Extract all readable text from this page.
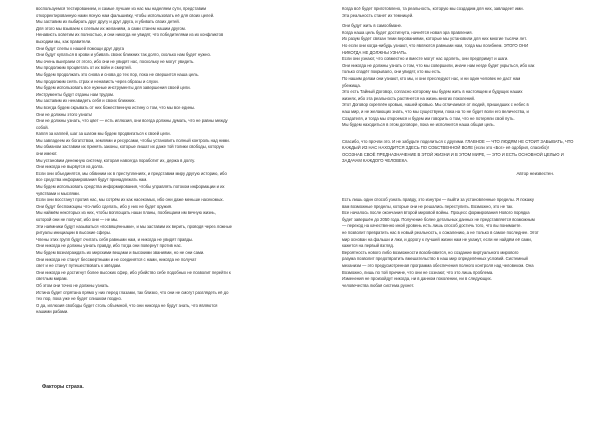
воспользуемся тестированием, и самые лучшие из нас мы наделяем сути, представим
откорректированную нами ясную нам фальшивку, чтобы использовать её для своих целей.
Мы заставим их выбирать друг другу и друг друга, и убивать своих детей.
Для этого мы взываем к слепым их желаниям, а сами станем нашим другом.
Ненависть осветим их полностью, и они никогда не увидят, что победителями из их конфликтов
выходим мы, как правители.
Они будут слепы к нашей помощи друг друга
Они будут купаться в крови и убивать своих ближних так долго, сколько нам будет нужно.
Мы очень выиграем от этого, ибо они не увидят нас, поскольку не могут увидеть.
Мы продолжим процветать от их войн и смертей.
Мы будем продолжать это снова и снова до тех пор, пока не свершится наша цель.
Мы продолжим сеять страх и ненависть через образы и слухи.
Мы будем использовать все нужные инструменты для завершения своей цели.
Инструменты будут отданы нам трудом.
Мы заставим их ненавидеть себя и своих ближних.
Мы всегда будем скрывать от них божественную истину о том, что мы все едины.
Они не должны этого узнать!
Они не должны узнать, что цвет — есть иллюзия, они всегда должны думать, что не равны между
собой.
Капля за каплей, шаг за шагом мы будем продвигаться к своей цели.
Мы завладеем их богатством, землями и ресурсами, чтобы установить полный контроль над ними.
Мы обманом заставим их принять законы, которые лишат их даже той толики свободы, которую
они имеют.
Мы установим денежную систему, которая навсегда поработит их, держа в долгу.
Они никогда не вырвутся из долга.
Если они объединятся, мы обвиним их в преступлениях, и представим миру другую историю, ибо
все средства информирования будут принадлежать нам.
Мы будем использовать средства информирования, чтобы управлять потоком информации и их
чувствами и мыслями.
Если они восстанут против нас, мы сотрём их как насекомых, ибо они даже меньше насекомых.
Они будут беспомощны что-либо сделать, ибо у них не будет оружия.
Мы наймём некоторых из них, чтобы воплощать наши планы, пообещаем им вечную жизнь,
которой они не получат, ибо они — не мы.
Эти наёмники будут называться «посвящёнными», и мы заставим их верить, проводя через ложные
ритуалы инициации в высокие сферы.
Члены этих групп будут считать себя равными нам, и никогда не увидят правды.
Они никогда не должны узнать правду, ибо тогда они повернут против нас.
Мы будем вознаграждать их мирскими вещами и высокими званиями, но не они сами.
Они никогда не станут бессмертными и не соединятся с нами, никогда не получат
свет и не станут путешествовать к звёздам.
Они никогда не достигнут более высоких сфер, ибо убийство себе подобных не позволит перейти к
светлым мирам.
Об этом они точно не должны узнать.
Истина будет спрятана прямо у них перед глазами, так близко, что они не смогут разглядеть её до
тех пор, пока уже не будет слишком поздно.
О да, иллюзия свободы будет столь объемной, что они никогда не будут знать, что являются
нашими рабами.
Когда всё будет приготовлено, та реальность, которую мы создадим для них, завладеет ими.
Эта реальность станет их темницей.
Они будут жить в самообмане.
Когда наша цель будет достигнута, начнётся новая эра правления.
Их разум будет связан теми верованиями, которые мы установили для них многие тысячи лет.
Но если они когда-нибудь узнают, что являются равными нам, тогда мы погибнем. ЭТОГО ОНИ
НИКОГДА НЕ ДОЛЖНЫ УЗНАТЬ.
Если они узнают, что совместно и вместе могут нас одолеть, они предпримут и шаги.
Они никогда не должны узнать о том, что мы совершили, иначе нам негде будет укрыться, ибо как
только спадёт покрывало, они увидят, кто мы есть.
По нашим делам они узнают, кто мы, и они преследуют нас, и ни один человек не даст нам
убежища.
Это есть Тайный Договор, согласно которому мы будем жить в настоящем и будущих наших
жизнях, ибо эта реальность растянется на жизнь многих поколений.
Этот Договор скреплён кровью, нашей кровью. Мы отличаемся от людей, пришедших с небес в
наш мир, и не желающих знать, что мы существуем, пока на то не будет воли его величества, и
Создателя, и тогда мы откроемся и будем им говорить о том, что не потеряли свой путь.
Мы будем находиться в этом договоре, пока не исполнится наша общая цель.
Спасибо, что прочли это. И не забудьте поделиться с другими. ГЛАВНОЕ — ЧТО ЛЮДЯМ НЕ СТОИТ ЗАБЫВАТЬ, ЧТО
КАЖДЫЙ ИЗ НАС НАХОДИТСЯ ЗДЕСЬ ПО СОБСТВЕННОЙ ВОЛЕ (если это «Бог» её одобрил, спасибо)!
ОСОЗНАВ СВОЁ ПРЕДНАЗНАЧЕНИЕ В ЭТОЙ ЖИЗНИ И В ЭТОМ МИРЕ, — ЭТО И ЕСТЬ ОСНОВНОЙ ЦЕЛЬЮ И
ЗАДАЧАМ КАЖДОГО ЧЕЛОВЕКА.
Автор неизвестен.
Есть лишь один способ узнать правду, это изнутри — выйти за установленные пределы. Я покажу
вам возможные пределы, которые они не решались переступить. Возможно, это не так.
Все началось после окончания второй мировой войны. Процесс формирования Нового порядка
будет завершён до 2050 года. Получение более детальных данных не представляется возможным
— переход на качественно иной уровень есть лишь способ достичь того, что вы понимаете.
не позволит превратить нас в новый реальность, к сожалению, а не только в самое последнее. Этот
мир основан на фальши и лжи, и дорогу к лучшей жизни нам не укажут, если не найдём её сами,
кажется на первый взгляд.
Вероятность нового либо возможности возобновится, но создание виртуального мирового
разума позволит предотвратить вмешательство в наш мир определённых условий. Системный
механизм — это предусмотренная программа обеспечения полного контроля над человеком. Она
Возможно, лишь по той причине, что они не сознают, что это лишь проблема.
Изменения не произойдут никогда, ни в данном поколении, ни в следующих.
человечества любая система рухнет.
Факторы страха.
